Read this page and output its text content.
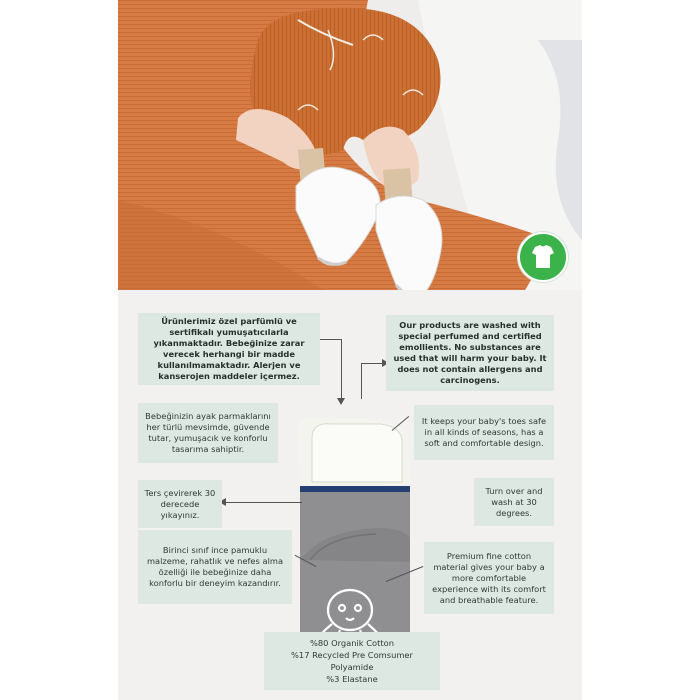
Ürünlerimiz özel parfümlü ve sertifikalı yumuşatıcılarla yıkanmaktadır. Bebeğinize zarar verecek herhangi bir madde kullanılmamaktadır. Alerjen ve kanserojen maddeler içermez.
Our products are washed with special perfumed and certified emollients. No substances are used that will harm your baby. It does not contain allergens and carcinogens.
Bebeğinizin ayak parmaklarını her türlü mevsimde, güvende tutar, yumuşacık ve konforlu tasarıma sahiptir.
It keeps your baby's toes safe in all kinds of seasons, has a soft and comfortable design.
Ters çevirerek 30 derecede yıkayınız.
Turn over and wash at 30 degrees.
Birinci sınıf ince pamuklu malzeme, rahatlık ve nefes alma özelliği ile bebeğinize daha konforlu bir deneyim kazandırır.
Premium fine cotton material gives your baby a more comfortable experience with its comfort and breathable feature.
%80 Organik Cotton
%17 Recycled Pre Comsumer Polyamide
%3 Elastane
